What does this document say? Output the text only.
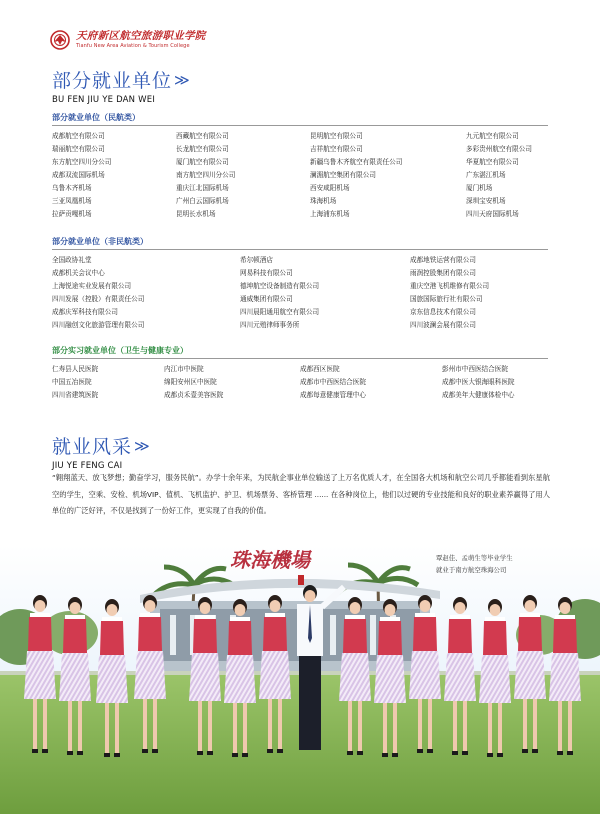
天府新区航空旅游职业学院
Tianfu New Area Aviation & Tourism College
部分就业单位 ≫
BU FEN JIU YE DAN WEI
部分就业单位（民航类）
成都航空有限公司	西藏航空有限公司	昆明航空有限公司	九元航空有限公司
瑞丽航空有限公司	长龙航空有限公司	吉祥航空有限公司	多彩贵州航空有限公司
东方航空四川分公司	厦门航空有限公司	新疆乌鲁木齐航空有限责任公司	华夏航空有限公司
成都双流国际机场	南方航空四川分公司	澜湄航空集团有限公司	广东湛江机场
乌鲁木齐机场	重庆江北国际机场	西安咸阳机场	厦门机场
三亚凤凰机场	广州白云国际机场	珠海机场	深圳宝安机场
拉萨贡嘎机场	昆明长水机场	上海浦东机场	四川天府国际机场
部分就业单位（非民航类）
全国政协礼堂	希尔顿酒店	成都地铁运营有限公司
成都机关会议中心	网易科技有限公司	雨润控股集团有限公司
上海悦途实业发展有限公司	德坤航空设备制造有限公司	重庆空港飞机维修有限公司
四川发展（控股）有限责任公司	通威集团有限公司	国旅国际旅行社有限公司
成都庆军科技有限公司	四川晨阳通用航空有限公司	京东信息技术有限公司
四川融创文化旅游管理有限公司	四川元殖律师事务所	四川波澜会展有限公司
部分实习就业单位（卫生与健康专业）
仁寿县人民医院	内江市中医院	成都西区医院	彭州市中西医结合医院
中国五冶医院	绵阳安州区中医院	成都市中西医结合医院	成都中医大银海眼科医院
四川省建筑医院	成都贞禾壹美容医院	成都每意健康管理中心	成都美年大健康体检中心
就业风采 ≫
JIU YE FENG CAI
“翱翔蓝天、放飞梦想；勤奋学习，服务民航”。办学十余年来，为民航企事业单位输送了上万名优质人才，在全国各大机场和航空公司几乎都能看到东星航空的学生，空乘、安检、机场VIP、值机、飞机监护、护卫、机场票务、客桥管理 ...... 在各种岗位上，他们以过硬的专业技能和良好的职业素养赢得了用人单位的广泛好评，不仅是找到了一份好工作，更实现了自我的价值。
珠海機場	覃赵佳、孟萌生等毕业学生
就业于南方航空珠海公司
